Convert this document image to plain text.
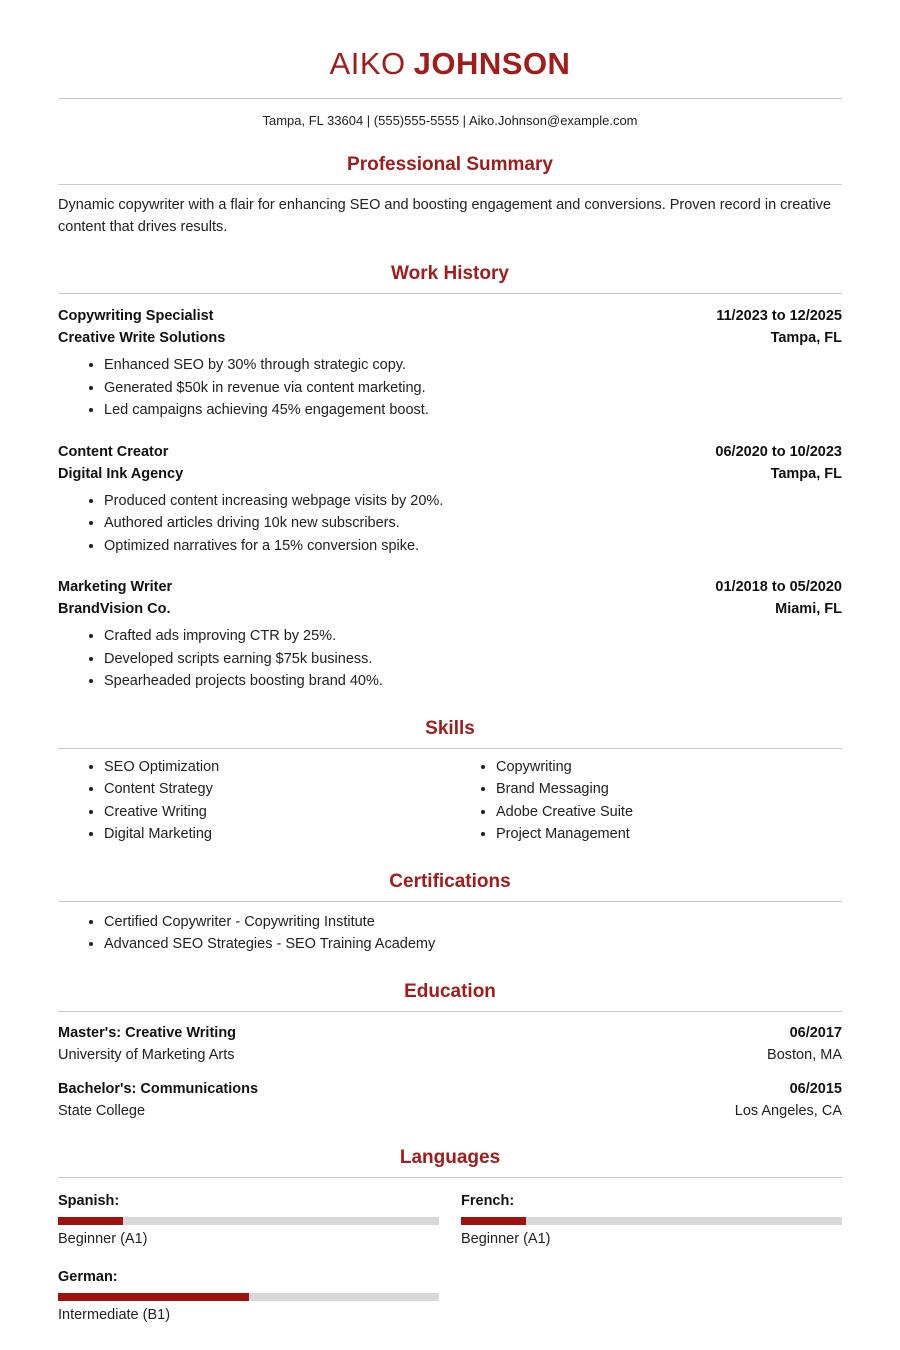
AIKO JOHNSON
Tampa, FL 33604 | (555)555-5555 | Aiko.Johnson@example.com
Professional Summary
Dynamic copywriter with a flair for enhancing SEO and boosting engagement and conversions. Proven record in creative content that drives results.
Work History
Copywriting Specialist	11/2023 to 12/2025
Creative Write Solutions	Tampa, FL
• Enhanced SEO by 30% through strategic copy.
• Generated $50k in revenue via content marketing.
• Led campaigns achieving 45% engagement boost.
Content Creator	06/2020 to 10/2023
Digital Ink Agency	Tampa, FL
• Produced content increasing webpage visits by 20%.
• Authored articles driving 10k new subscribers.
• Optimized narratives for a 15% conversion spike.
Marketing Writer	01/2018 to 05/2020
BrandVision Co.	Miami, FL
• Crafted ads improving CTR by 25%.
• Developed scripts earning $75k business.
• Spearheaded projects boosting brand 40%.
Skills
• SEO Optimization
• Content Strategy
• Creative Writing
• Digital Marketing
• Copywriting
• Brand Messaging
• Adobe Creative Suite
• Project Management
Certifications
• Certified Copywriter - Copywriting Institute
• Advanced SEO Strategies - SEO Training Academy
Education
Master's: Creative Writing	06/2017
University of Marketing Arts	Boston, MA
Bachelor's: Communications	06/2015
State College	Los Angeles, CA
Languages
Spanish:
Beginner (A1)
French:
Beginner (A1)
German:
Intermediate (B1)
